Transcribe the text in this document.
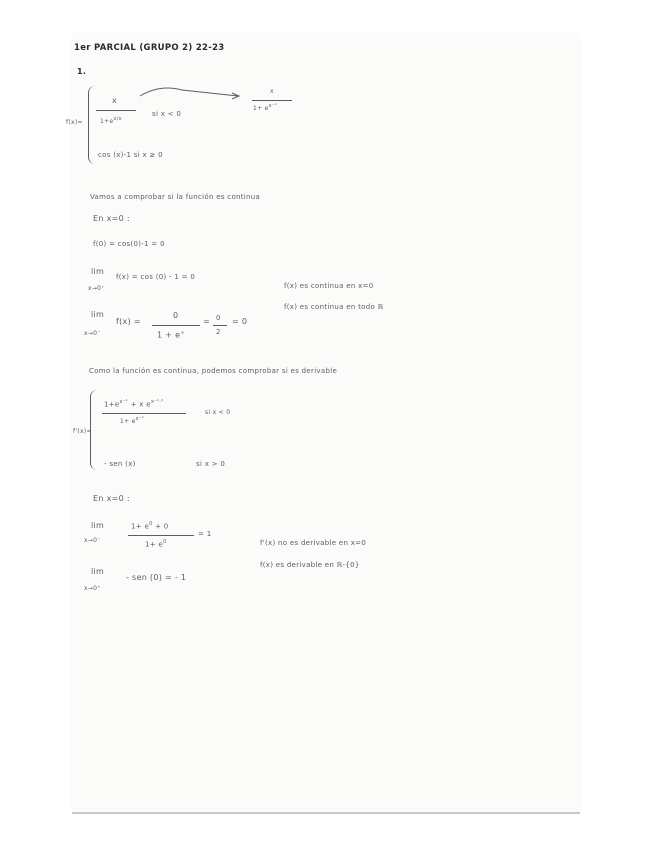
1er PARCIAL (GRUPO 2) 22-23
1.
f(x)=
x
$1+e^{x/x}$
si x < 0
cos (x)-1 si x ≥ 0
x
$1+ e^{x^{-1}}$
Vamos a comprobar si la función es continua
En x=0 :
f(0) = cos(0)-1 = 0
lim
f(x) = cos (0) - 1 = 0
x→0⁺
lim
x→0⁻
f(x) =
0
1 + e∞
= 0
2
= 0
f(x) es continua en x=0
f(x) es continua en todo ℝ
Como la función es continua, podemos comprobar si es derivable
f'(x)=
$1+e^{x^{-1}} + x$ $e^{x^{-1}\cdot^2}$
$1+ e^{x^{-1}}$
si x < 0
- sen (x)	si x > 0
En x=0 :
lim
x→0⁻
$1+ e^0 + 0$
$1+ e^0$
= 1
lim
x→0⁺
- sen (0) = - 1
f'(x) no es derivable en x=0
f(x) es derivable en ℝ-{0}
